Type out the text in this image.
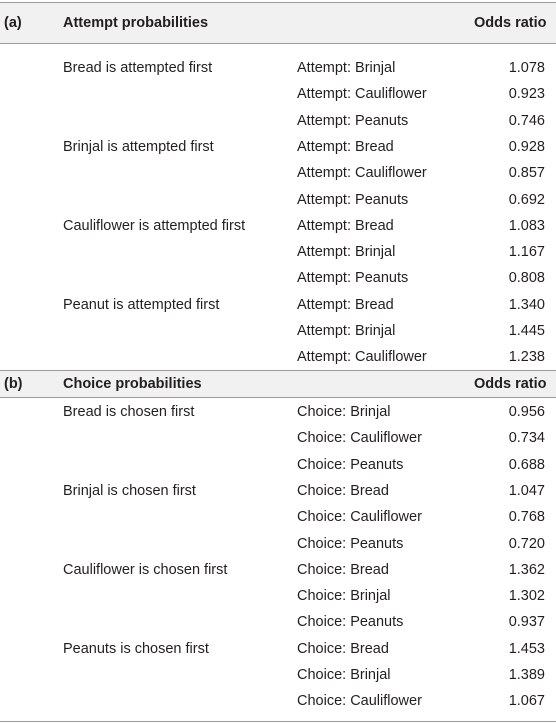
(a)	Attempt probabilities	Odds ratio
Bread is attempted first	Attempt: Brinjal	1.078
Attempt: Cauliflower	0.923
Attempt: Peanuts	0.746
Brinjal is attempted first	Attempt: Bread	0.928
Attempt: Cauliflower	0.857
Attempt: Peanuts	0.692
Cauliflower is attempted first	Attempt: Bread	1.083
Attempt: Brinjal	1.167
Attempt: Peanuts	0.808
Peanut is attempted first	Attempt: Bread	1.340
Attempt: Brinjal	1.445
Attempt: Cauliflower	1.238
(b)	Choice probabilities	Odds ratio
Bread is chosen first	Choice: Brinjal	0.956
Choice: Cauliflower	0.734
Choice: Peanuts	0.688
Brinjal is chosen first	Choice: Bread	1.047
Choice: Cauliflower	0.768
Choice: Peanuts	0.720
Cauliflower is chosen first	Choice: Bread	1.362
Choice: Brinjal	1.302
Choice: Peanuts	0.937
Peanuts is chosen first	Choice: Bread	1.453
Choice: Brinjal	1.389
Choice: Cauliflower	1.067
